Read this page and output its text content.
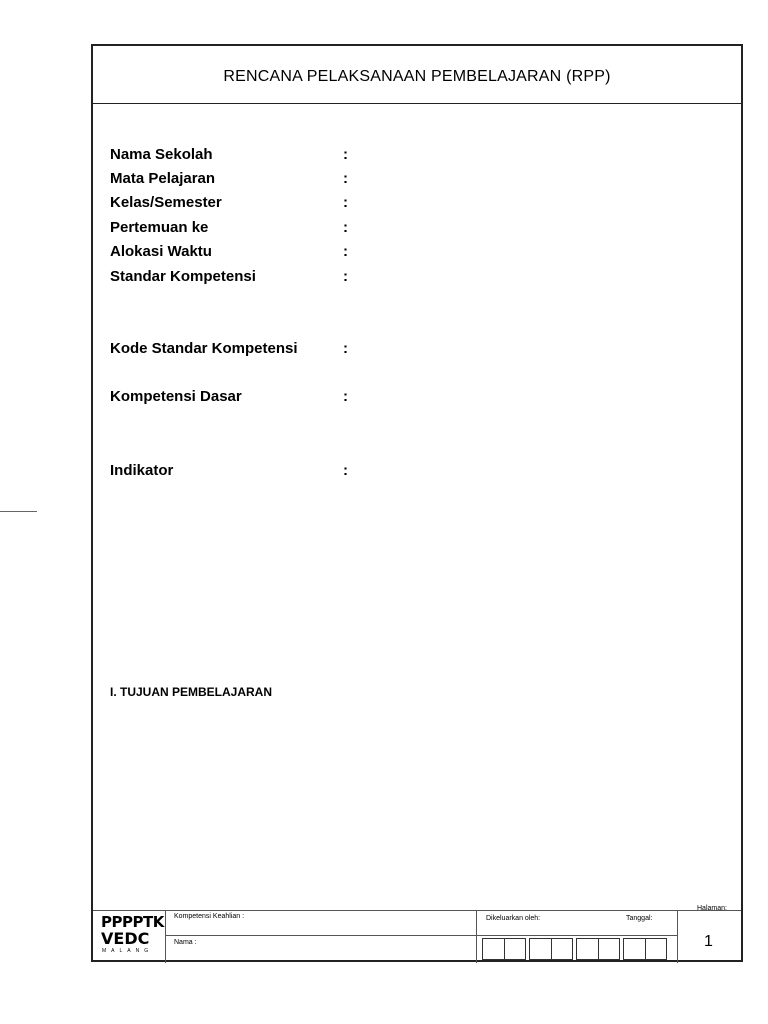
RENCANA PELAKSANAAN PEMBELAJARAN (RPP)
Nama Sekolah	:
Mata Pelajaran	:
Kelas/Semester	:
Pertemuan ke	:
Alokasi Waktu	:
Standar Kompetensi	:
Kode Standar Kompetensi	:
Kompetensi Dasar	:
Indikator	:
I. TUJUAN PEMBELAJARAN
PPPPTK
VEDC
MALANG
Kompetensi Keahlian :
Nama :
Dikeluarkan oleh:	Tanggal:
Halaman:
1
